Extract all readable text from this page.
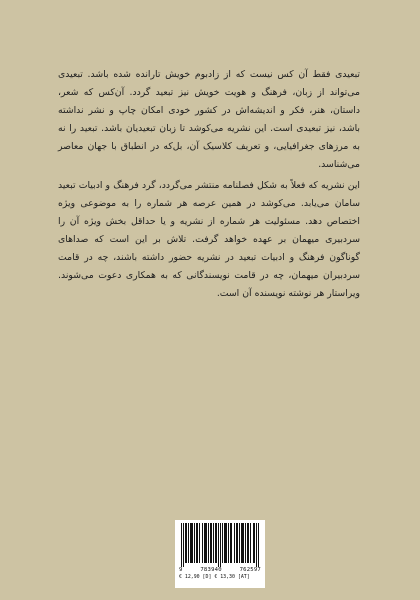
تبعیدی فقط آن کس نیست که از زادبوم خویش تارانده شده باشد. تبعیدی می‌تواند از زبان، فرهنگ و هویت خویش نیز تبعید گردد. آن‌کس که شعر، داستان، هنر، فکر و اندیشه‌اش در کشور خودی امکان چاپ و نشر نداشته باشد، نیز تبعیدی است. این نشریه می‌کوشد تا زبان تبعیدیان باشد. تبعید را نه به مرزهای جغرافیایی، و تعریف کلاسیک آن، بل‌که در انطباق با جهان معاصر می‌شناسد.

این نشریه که فعلاً به شکل فصلنامه منتشر می‌گردد، گرد فرهنگ و ادبیات تبعید سامان می‌یابد. می‌کوشد در همین عرصه هر شماره را به موضوعی ویژه اختصاص دهد. مسئولیت هر شماره از نشریه و یا حداقل بخش ویژه آن را سردبیری میهمان بر عهده خواهد گرفت. تلاش بر این است که صداهای گوناگون فرهنگ و ادبیات تبعید در نشریه حضور داشته باشند، چه در قامت سردبیران میهمان، چه در قامت نویسندگانی که به همکاری دعوت می‌شوند. ویراستار هر نوشته نویسنده آن است.

9	783940	762597
€ 12,90 [D] € 13,30 [AT]
